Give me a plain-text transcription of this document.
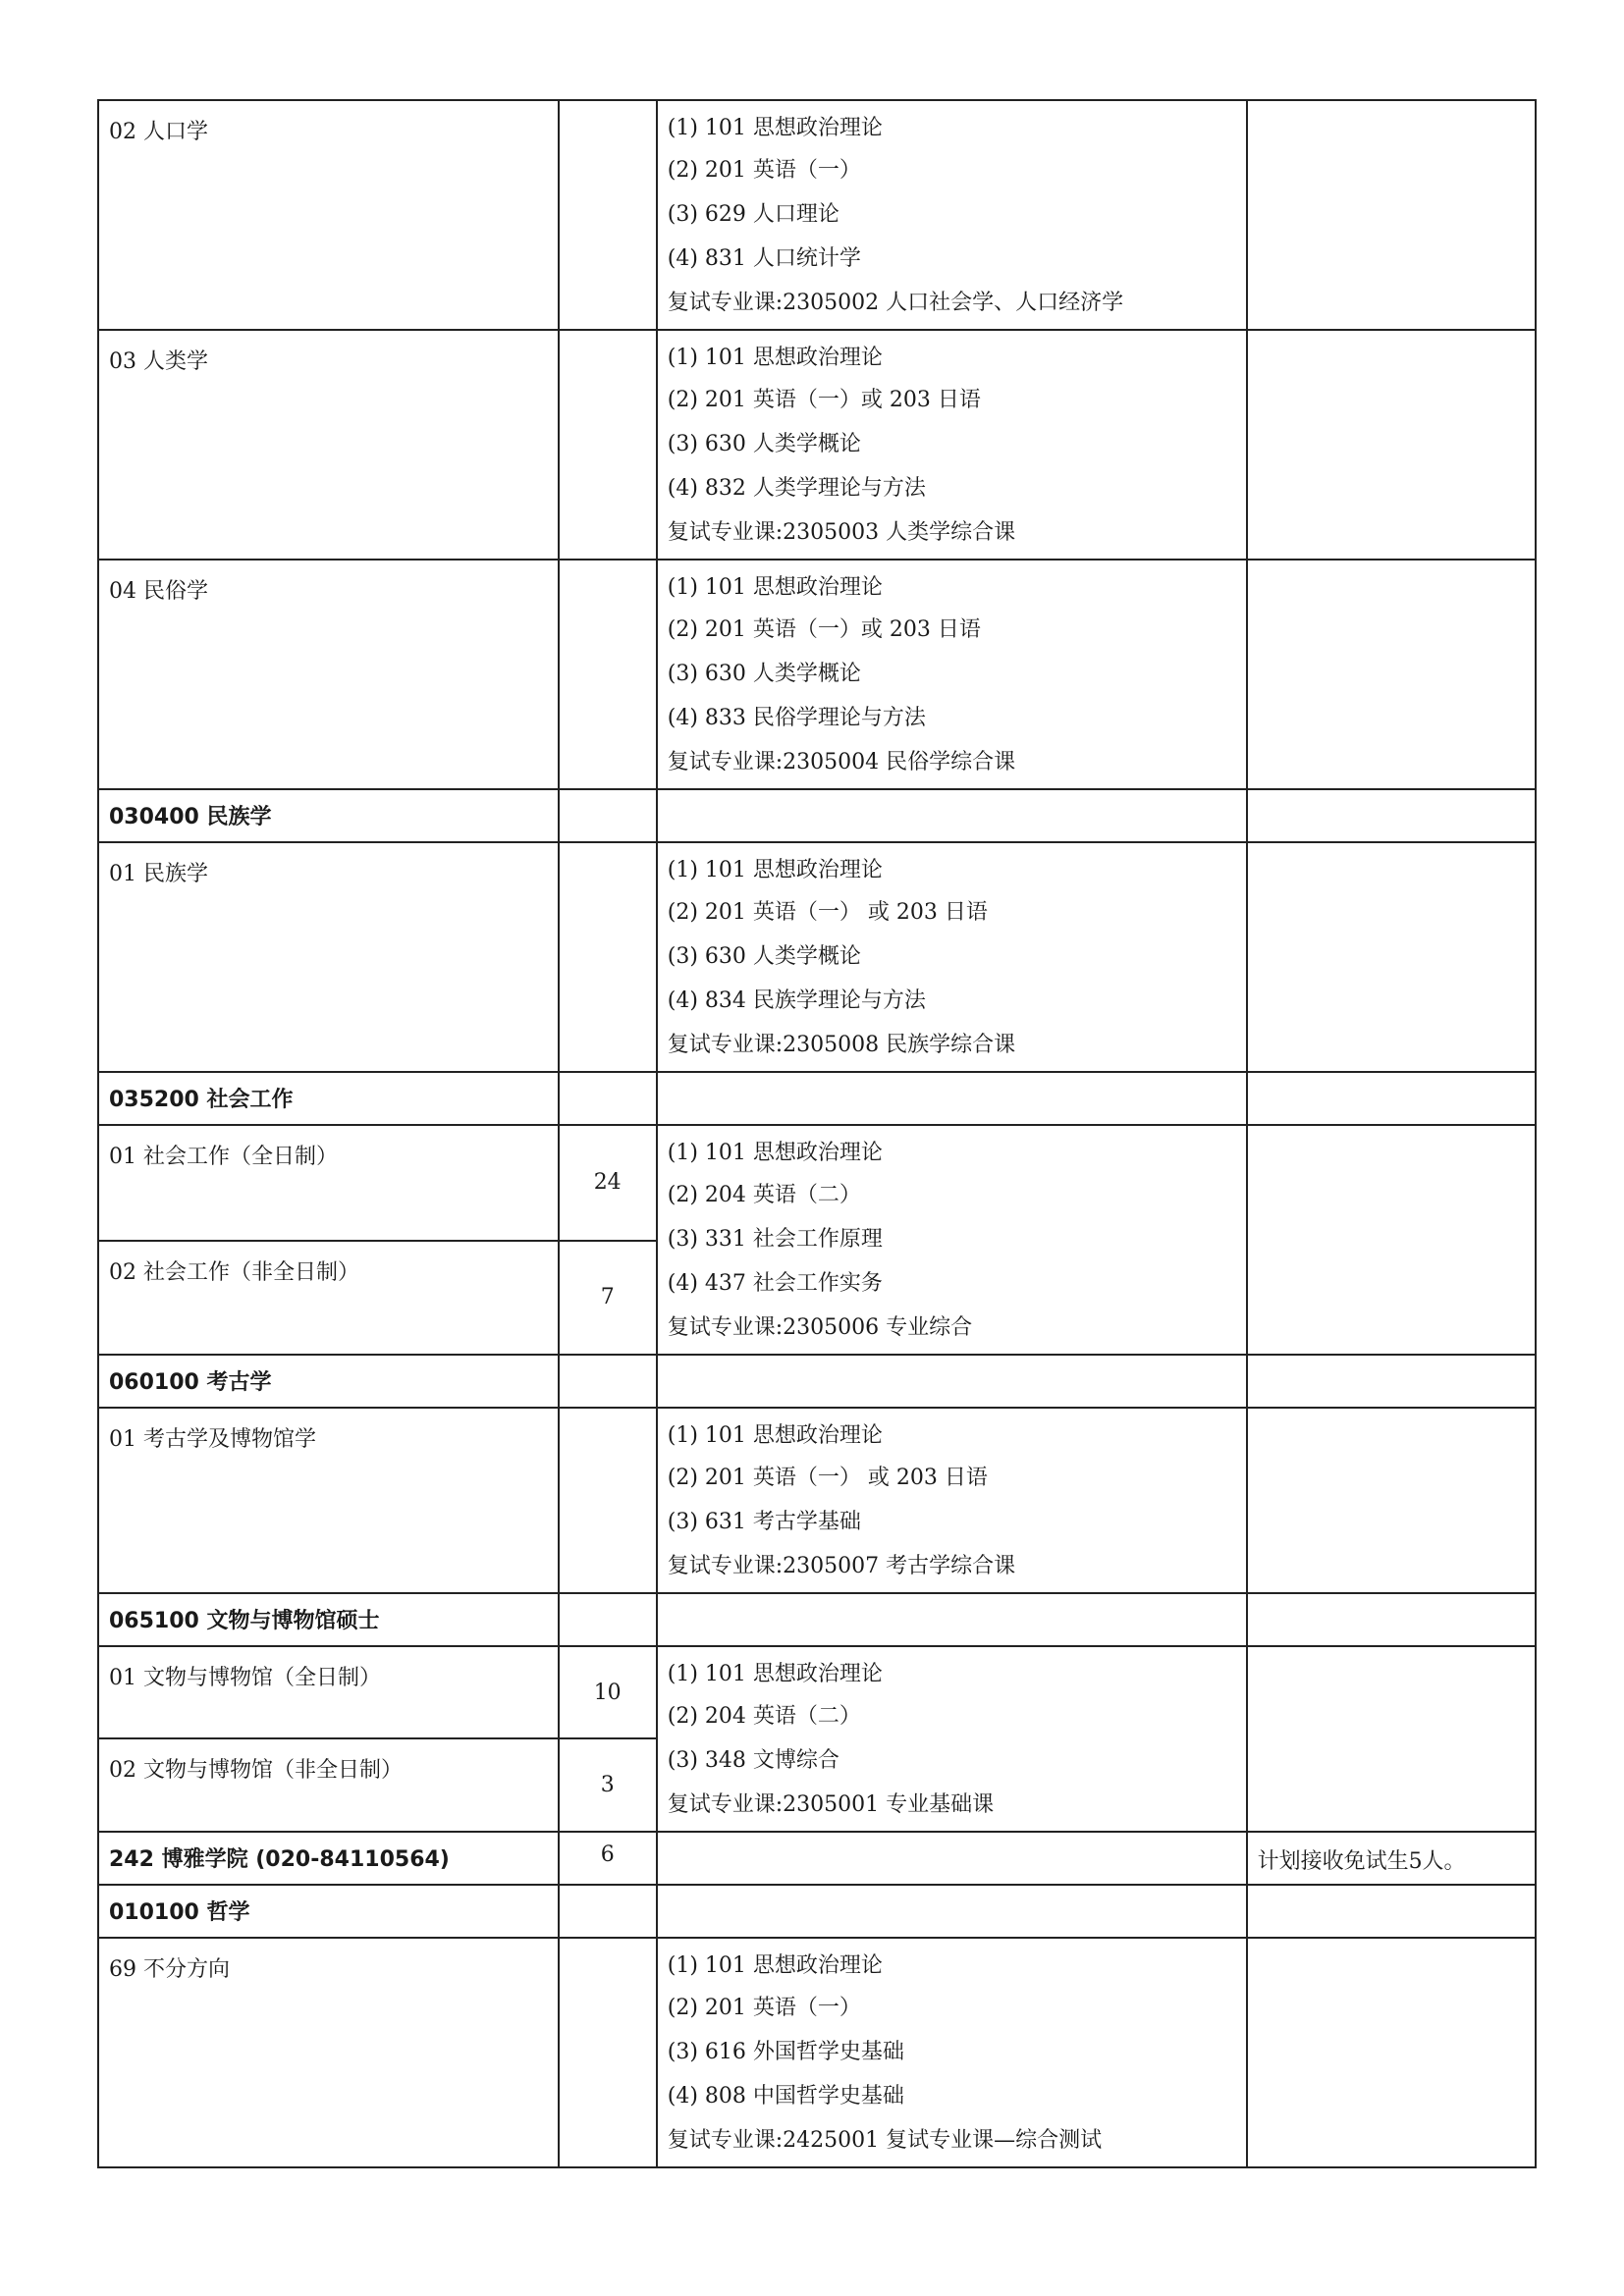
02 人口学		(1) 101 思想政治理论
(2) 201 英语（一）
(3) 629 人口理论
(4) 831 人口统计学
复试专业课:2305002 人口社会学、人口经济学	

03 人类学		(1) 101 思想政治理论
(2) 201 英语（一）或 203 日语
(3) 630 人类学概论
(4) 832 人类学理论与方法
复试专业课:2305003 人类学综合课	

04 民俗学		(1) 101 思想政治理论
(2) 201 英语（一）或 203 日语
(3) 630 人类学概论
(4) 833 民俗学理论与方法
复试专业课:2305004 民俗学综合课	

030400 民族学			

01 民族学		(1) 101 思想政治理论
(2) 201 英语（一） 或 203 日语
(3) 630 人类学概论
(4) 834 民族学理论与方法
复试专业课:2305008 民族学综合课	

035200 社会工作			

01 社会工作（全日制）	24	(1) 101 思想政治理论
(2) 204 英语（二）
(3) 331 社会工作原理
(4) 437 社会工作实务
复试专业课:2305006 专业综合	

02 社会工作（非全日制）	7		

060100 考古学			

01 考古学及博物馆学		(1) 101 思想政治理论
(2) 201 英语（一） 或 203 日语
(3) 631 考古学基础
复试专业课:2305007 考古学综合课	

065100 文物与博物馆硕士			

01 文物与博物馆（全日制）	10	(1) 101 思想政治理论
(2) 204 英语（二）
(3) 348 文博综合
复试专业课:2305001 专业基础课	

02 文物与博物馆（非全日制）	3		

242 博雅学院 (020-84110564)	6		计划接收免试生5人。

010100 哲学			

69 不分方向		(1) 101 思想政治理论
(2) 201 英语（一）
(3) 616 外国哲学史基础
(4) 808 中国哲学史基础
复试专业课:2425001 复试专业课—综合测试	
